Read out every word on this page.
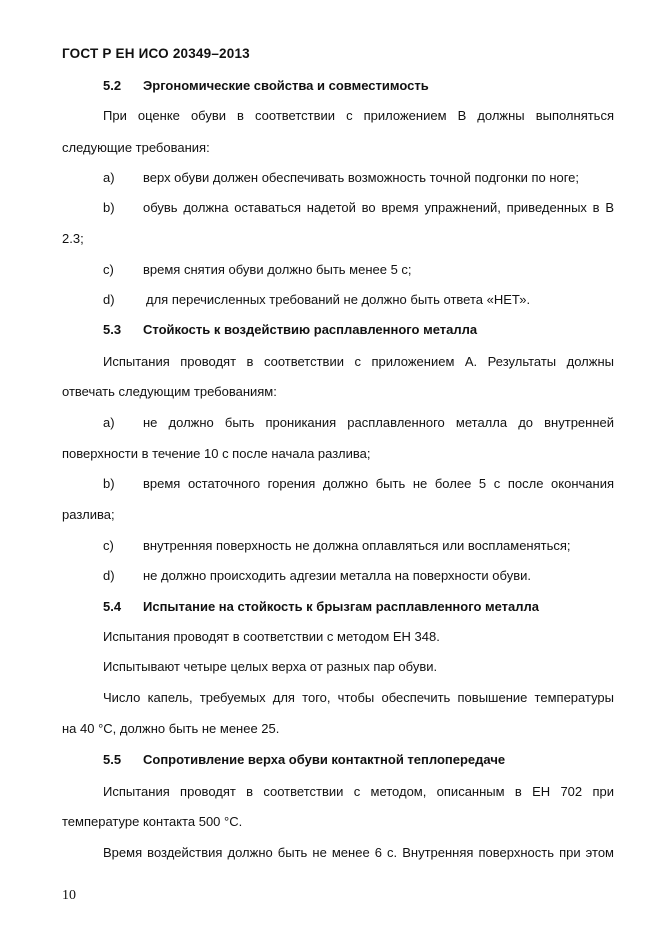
ГОСТ Р ЕН ИСО 20349–2013
5.2 Эргономические свойства и совместимость
При оценке обуви в соответствии с приложением В должны выполняться
следующие требования:
a) верх обуви должен обеспечивать возможность точной подгонки по ноге;
b) обувь должна оставаться надетой во время упражнений, приведенных в В
2.3;
c) время снятия обуви должно быть менее 5 с;
d) для перечисленных требований не должно быть ответа «НЕТ».
5.3 Стойкость к воздействию расплавленного металла
Испытания проводят в соответствии с приложением А. Результаты должны
отвечать следующим требованиям:
a) не должно быть проникания расплавленного металла до внутренней
поверхности в течение 10 с после начала разлива;
b) время остаточного горения должно быть не более 5 с после окончания
разлива;
c) внутренняя поверхность не должна оплавляться или воспламеняться;
d) не должно происходить адгезии металла на поверхности обуви.
5.4 Испытание на стойкость к брызгам расплавленного металла
Испытания проводят в соответствии с методом ЕН 348.
Испытывают четыре целых верха от разных пар обуви.
Число капель, требуемых для того, чтобы обеспечить повышение температуры
на 40 °С, должно быть не менее 25.
5.5 Сопротивление верха обуви контактной теплопередаче
Испытания проводят в соответствии с методом, описанным в ЕН 702 при
температуре контакта 500 °С.
Время воздействия должно быть не менее 6 с. Внутренняя поверхность при этом
10
